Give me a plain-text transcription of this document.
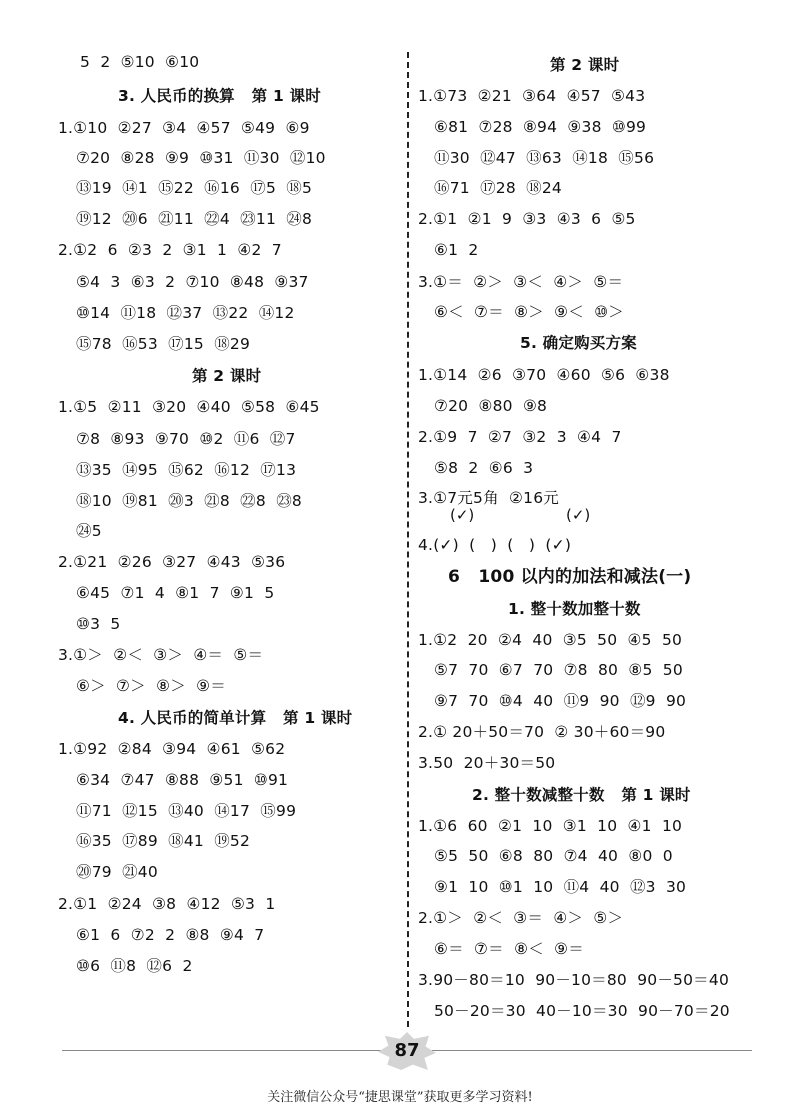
5  2  ⑤10  ⑥10
3. 人民币的换算   第 1 课时
1.①10  ②27  ③4  ④57  ⑤49  ⑥9
⑦20  ⑧28  ⑨9  ⑩31  ⑪30  ⑫10
⑬19  ⑭1  ⑮22  ⑯16  ⑰5  ⑱5
⑲12  ⑳6  ㉑11  ㉒4  ㉓11  ㉔8
2.①2  6  ②3  2  ③1  1  ④2  7
⑤4  3  ⑥3  2  ⑦10  ⑧48  ⑨37
⑩14  ⑪18  ⑫37  ⑬22  ⑭12
⑮78  ⑯53  ⑰15  ⑱29
第 2 课时
1.①5  ②11  ③20  ④40  ⑤58  ⑥45
⑦8  ⑧93  ⑨70  ⑩2  ⑪6  ⑫7
⑬35  ⑭95  ⑮62  ⑯12  ⑰13
⑱10  ⑲81  ⑳3  ㉑8  ㉒8  ㉓8
㉔5
2.①21  ②26  ③27  ④43  ⑤36
⑥45  ⑦1  4  ⑧1  7  ⑨1  5
⑩3  5
3.①＞  ②＜  ③＞  ④＝  ⑤＝
⑥＞  ⑦＞  ⑧＞  ⑨＝
4. 人民币的简单计算   第 1 课时
1.①92  ②84  ③94  ④61  ⑤62
⑥34  ⑦47  ⑧88  ⑨51  ⑩91
⑪71  ⑫15  ⑬40  ⑭17  ⑮99
⑯35  ⑰89  ⑱41  ⑲52
⑳79  ㉑40
2.①1  ②24  ③8  ④12  ⑤3  1
⑥1  6  ⑦2  2  ⑧8  ⑨4  7
⑩6  ⑪8  ⑫6  2
第 2 课时
1.①73  ②21  ③64  ④57  ⑤43
⑥81  ⑦28  ⑧94  ⑨38  ⑩99
⑪30  ⑫47  ⑬63  ⑭18  ⑮56
⑯71  ⑰28  ⑱24
2.①1  ②1  9  ③3  ④3  6  ⑤5
⑥1  2
3.①＝  ②＞  ③＜  ④＞  ⑤＝
⑥＜  ⑦＝  ⑧＞  ⑨＜  ⑩＞
5. 确定购买方案
1.①14  ②6  ③70  ④60  ⑤6  ⑥38
⑦20  ⑧80  ⑨8
2.①9  7  ②7  ③2  3  ④4  7
⑤8  2  ⑥6  3
3.①7元5角  ②16元
(✓)	(✓)
4.(✓)  (   )  (   )  (✓)
6   100 以内的加法和减法(一)
1. 整十数加整十数
1.①2  20  ②4  40  ③5  50  ④5  50
⑤7  70  ⑥7  70  ⑦8  80  ⑧5  50
⑨7  70  ⑩4  40  ⑪9  90  ⑫9  90
2.① 20＋50＝70  ② 30＋60＝90
3.50  20＋30＝50
2. 整十数减整十数   第 1 课时
1.①6  60  ②1  10  ③1  10  ④1  10
⑤5  50  ⑥8  80  ⑦4  40  ⑧0  0
⑨1  10  ⑩1  10  ⑪4  40  ⑫3  30
2.①＞  ②＜  ③＝  ④＞  ⑤＞
⑥＝  ⑦＝  ⑧＜  ⑨＝
3.90－80＝10  90－10＝80  90－50＝40
50－20＝30  40－10＝30  90－70＝20
87
关注微信公众号“捷思课堂”获取更多学习资料!
